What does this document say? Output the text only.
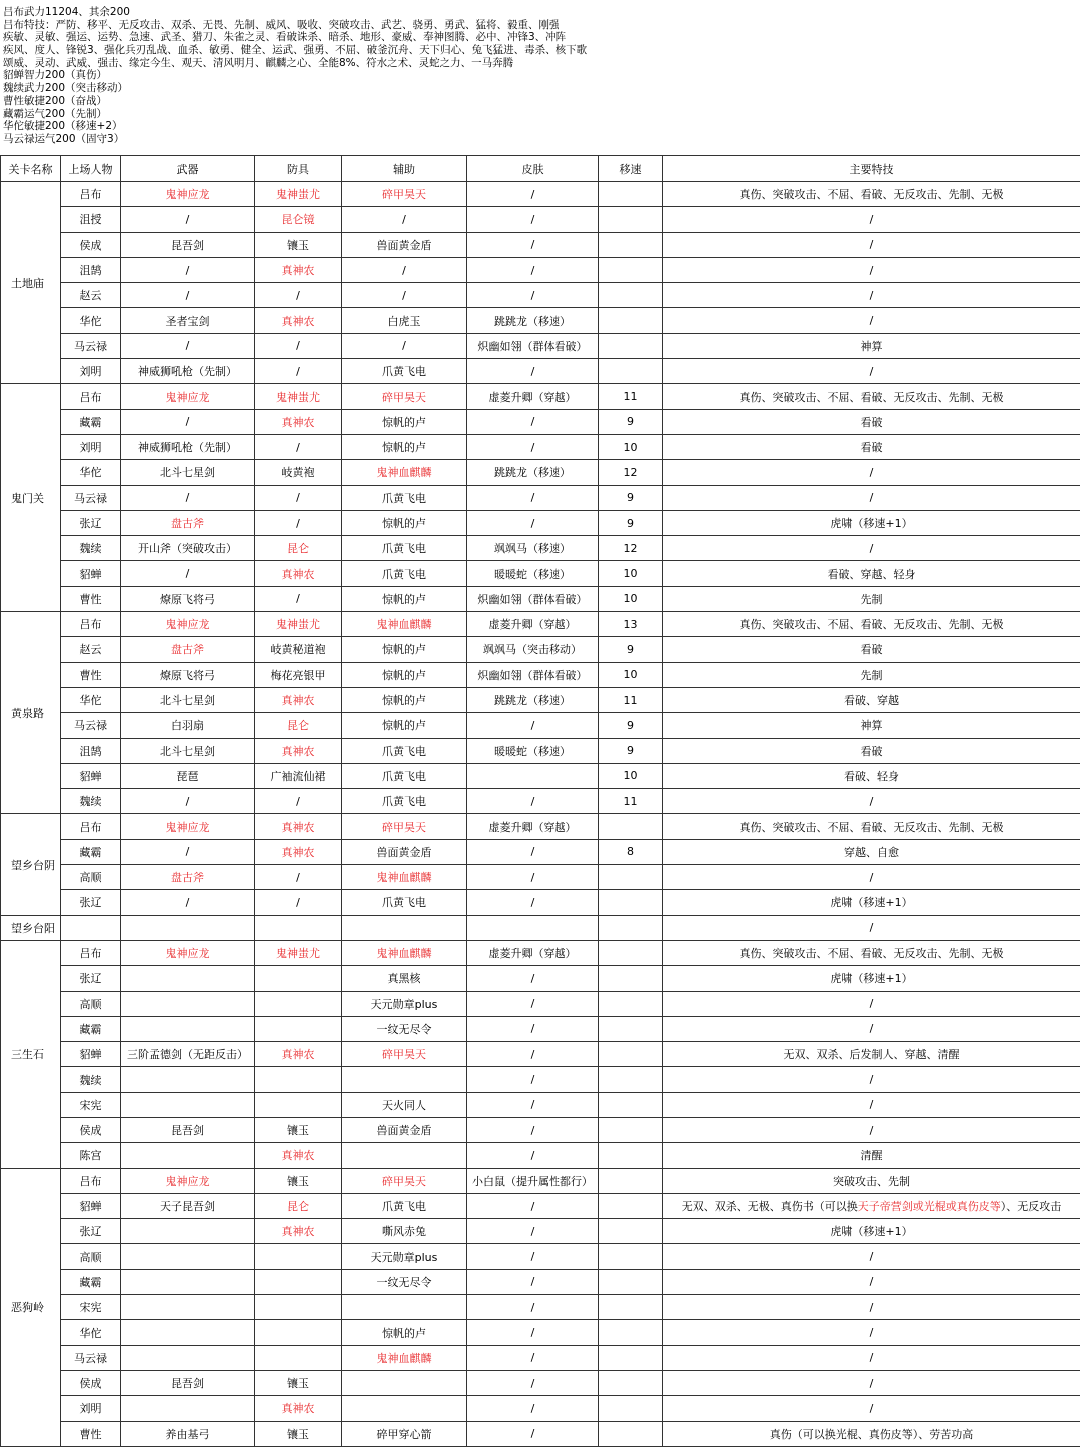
吕布武力11204、其余200
吕布特技：严防、移平、无反攻击、双杀、无畏、先制、威风、吸收、突破攻击、武艺、骁勇、勇武、猛将、毅重、刚强
疾敏、灵敏、强运、运势、急速、武圣、猎刀、朱雀之灵、看破诛杀、暗杀、地形、豪威、奉神图腾、必中、冲锋3、冲阵
疾风、度人、锋锐3、强化兵刃乱战、血杀、敏勇、健全、运武、强勇、不屈、破釜沉舟、天下归心、兔飞猛进、毒杀、核下歌
颂威、灵动、武威、强击、缘定今生、观天、清风明月、麒麟之心、全能8%、符水之术、灵蛇之力、一马奔腾
貂蝉智力200（真伤）
魏续武力200（突击移动）
曹性敏捷200（奋战）
藏霸运气200（先制）
华佗敏捷200（移速+2）
马云禄运气200（固守3）
关卡名称	上场人物	武器	防具	辅助	皮肤	移速	主要特技
土地庙	吕布	鬼神应龙	鬼神蚩尤	碎甲昊天	/		真伤、突破攻击、不屈、看破、无反攻击、先制、无极
	沮授	/	昆仑镜	/	/		/
	侯成	昆吾剑	镶玉	兽面黄金盾	/		/
	沮鹄	/	真神农	/	/		/
	赵云	/	/	/	/		/
	华佗	圣者宝剑	真神农	白虎玉	跳跳龙（移速）		/
	马云禄	/	/	/	炽幽如翎（群体看破）		神算
	刘明	神威狮吼枪（先制）	/	爪黄飞电	/		/
鬼门关	吕布	鬼神应龙	鬼神蚩尤	碎甲昊天	虚菱升卿（穿越）	11	真伤、突破攻击、不屈、看破、无反攻击、先制、无极
	藏霸	/	真神农	惊帆的卢	/	9	看破
	刘明	神威狮吼枪（先制）	/	惊帆的卢	/	10	看破
	华佗	北斗七星剑	岐黄袍	鬼神血麒麟	跳跳龙（移速）	12	/
	马云禄	/	/	爪黄飞电	/	9	/
	张辽	盘古斧	/	惊帆的卢	/	9	虎啸（移速+1）
	魏续	开山斧（突破攻击）	昆仑	爪黄飞电	飒飒马（移速）	12	/
	貂蝉	/	真神农	爪黄飞电	暖暖蛇（移速）	10	看破、穿越、轻身
	曹性	燎原飞将弓	/	惊帆的卢	炽幽如翎（群体看破）	10	先制
黄泉路	吕布	鬼神应龙	鬼神蚩尤	鬼神血麒麟	虚菱升卿（穿越）	13	真伤、突破攻击、不屈、看破、无反攻击、先制、无极
	赵云	盘古斧	岐黄秘道袍	惊帆的卢	飒飒马（突击移动）	9	看破
	曹性	燎原飞将弓	梅花亮银甲	惊帆的卢	炽幽如翎（群体看破）	10	先制
	华佗	北斗七星剑	真神农	惊帆的卢	跳跳龙（移速）	11	看破、穿越
	马云禄	白羽扇	昆仑	惊帆的卢	/	9	神算
	沮鹄	北斗七星剑	真神农	爪黄飞电	暖暖蛇（移速）	9	看破
	貂蝉	琵琶	广袖流仙裙	爪黄飞电		10	看破、轻身
	魏续	/	/	爪黄飞电	/	11	/
望乡台阴	吕布	鬼神应龙	真神农	碎甲昊天	虚菱升卿（穿越）		真伤、突破攻击、不屈、看破、无反攻击、先制、无极
	藏霸	/	真神农	兽面黄金盾	/	8	穿越、自愈
	高顺	盘古斧	/	鬼神血麒麟	/		/
	张辽	/	/	爪黄飞电	/		虎啸（移速+1）
望乡台阳							/
三生石	吕布	鬼神应龙	鬼神蚩尤	鬼神血麒麟	虚菱升卿（穿越）		真伤、突破攻击、不屈、看破、无反攻击、先制、无极
	张辽			真黑核	/		虎啸（移速+1）
	高顺			天元勋章plus	/		/
	藏霸			一纹无尽令	/		/
	貂蝉	三阶孟德剑（无距反击）	真神农	碎甲昊天	/		无双、双杀、后发制人、穿越、清醒
	魏续				/		/
	宋宪			天火同人	/		/
	侯成	昆吾剑	镶玉	兽面黄金盾	/		/
	陈宫		真神农		/		清醒
恶狗岭	吕布	鬼神应龙	镶玉	碎甲昊天	小白鼠（提升属性都行）		突破攻击、先制
	貂蝉	天子昆吾剑	昆仑	爪黄飞电	/		无双、双杀、无极、真伤书（可以换天子帝营剑或光棍或真伤皮等）、无反攻击
	张辽		真神农	嘶风赤兔	/		虎啸（移速+1）
	高顺			天元勋章plus	/		/
	藏霸			一纹无尽令	/		/
	宋宪				/		/
	华佗			惊帆的卢	/		/
	马云禄			鬼神血麒麟	/		/
	侯成	昆吾剑	镶玉		/		/
	刘明		真神农		/		/
	曹性	养由基弓	镶玉	碎甲穿心箭	/		真伤（可以换光棍、真伤皮等）、劳苦功高
